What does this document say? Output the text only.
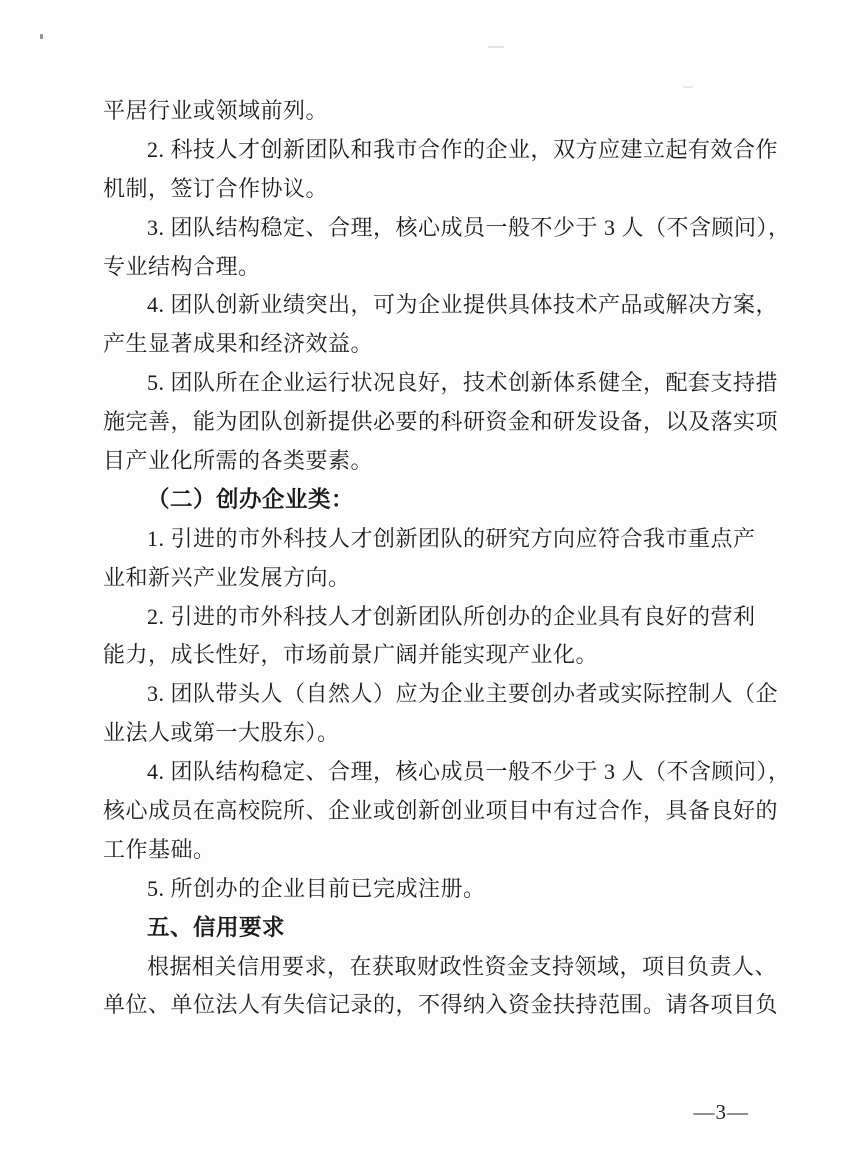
平居行业或领域前列。
2. 科技人才创新团队和我市合作的企业，双方应建立起有效合作
机制，签订合作协议。
3. 团队结构稳定、合理，核心成员一般不少于 3 人（不含顾问），
专业结构合理。
4. 团队创新业绩突出，可为企业提供具体技术产品或解决方案，
产生显著成果和经济效益。
5. 团队所在企业运行状况良好，技术创新体系健全，配套支持措
施完善，能为团队创新提供必要的科研资金和研发设备，以及落实项
目产业化所需的各类要素。
（二）创办企业类：
1. 引进的市外科技人才创新团队的研究方向应符合我市重点产
业和新兴产业发展方向。
2. 引进的市外科技人才创新团队所创办的企业具有良好的营利
能力，成长性好，市场前景广阔并能实现产业化。
3. 团队带头人（自然人）应为企业主要创办者或实际控制人（企
业法人或第一大股东）。
4. 团队结构稳定、合理，核心成员一般不少于 3 人（不含顾问），
核心成员在高校院所、企业或创新创业项目中有过合作，具备良好的
工作基础。
5. 所创办的企业目前已完成注册。
五、信用要求
根据相关信用要求，在获取财政性资金支持领域，项目负责人、
单位、单位法人有失信记录的，不得纳入资金扶持范围。请各项目负
—3—
